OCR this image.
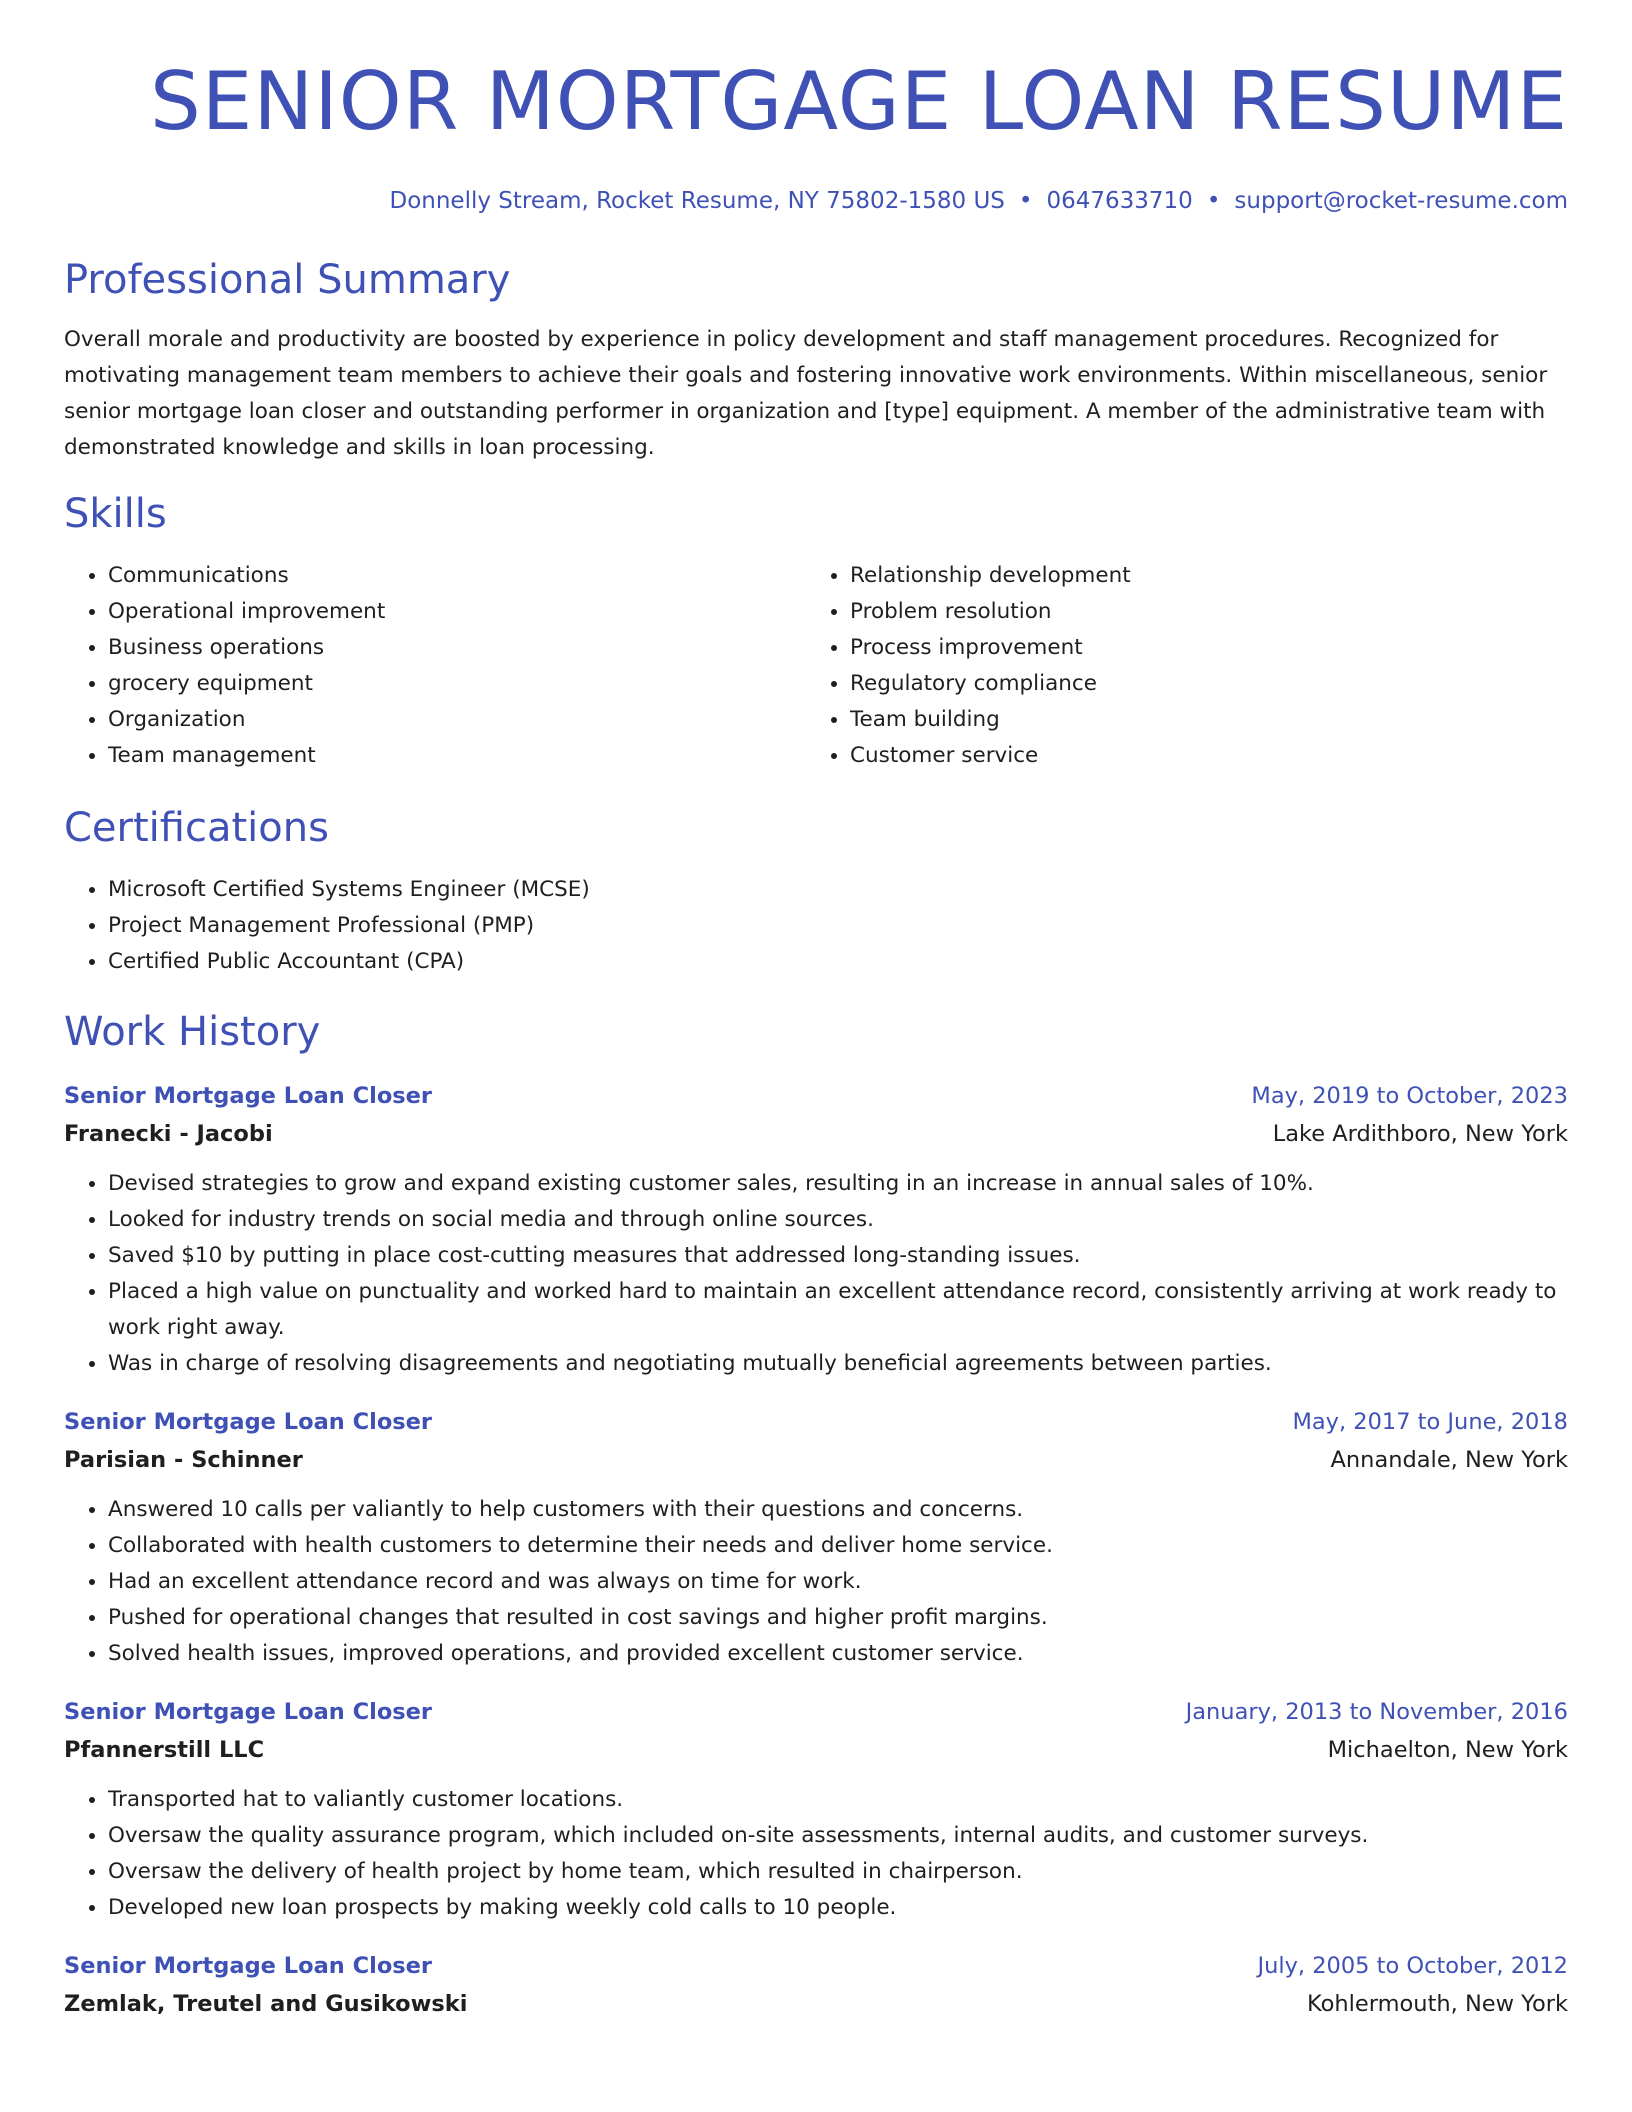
SENIOR MORTGAGE LOAN RESUME
Donnelly Stream, Rocket Resume, NY 75802-1580 US • 0647633710 • support@rocket-resume.com
Professional Summary

Overall morale and productivity are boosted by experience in policy development and staff management procedures. Recognized for motivating management team members to achieve their goals and fostering innovative work environments. Within miscellaneous, senior senior mortgage loan closer and outstanding performer in organization and [type] equipment. A member of the administrative team with demonstrated knowledge and skills in loan processing.

Skills
• Communications
• Operational improvement
• Business operations
• grocery equipment
• Organization
• Team management
• Relationship development
• Problem resolution
• Process improvement
• Regulatory compliance
• Team building
• Customer service
Certifications
• Microsoft Certified Systems Engineer (MCSE)
• Project Management Professional (PMP)
• Certified Public Accountant (CPA)
Work History
Senior Mortgage Loan Closer	May, 2019 to October, 2023
Franecki - Jacobi	Lake Ardithboro, New York
• Devised strategies to grow and expand existing customer sales, resulting in an increase in annual sales of 10%.
• Looked for industry trends on social media and through online sources.
• Saved $10 by putting in place cost-cutting measures that addressed long-standing issues.
• Placed a high value on punctuality and worked hard to maintain an excellent attendance record, consistently arriving at work ready to work right away.
• Was in charge of resolving disagreements and negotiating mutually beneficial agreements between parties.
Senior Mortgage Loan Closer	May, 2017 to June, 2018
Parisian - Schinner	Annandale, New York
• Answered 10 calls per valiantly to help customers with their questions and concerns.
• Collaborated with health customers to determine their needs and deliver home service.
• Had an excellent attendance record and was always on time for work.
• Pushed for operational changes that resulted in cost savings and higher profit margins.
• Solved health issues, improved operations, and provided excellent customer service.
Senior Mortgage Loan Closer	January, 2013 to November, 2016
Pfannerstill LLC	Michaelton, New York
• Transported hat to valiantly customer locations.
• Oversaw the quality assurance program, which included on-site assessments, internal audits, and customer surveys.
• Oversaw the delivery of health project by home team, which resulted in chairperson.
• Developed new loan prospects by making weekly cold calls to 10 people.
Senior Mortgage Loan Closer	July, 2005 to October, 2012
Zemlak, Treutel and Gusikowski	Kohlermouth, New York
